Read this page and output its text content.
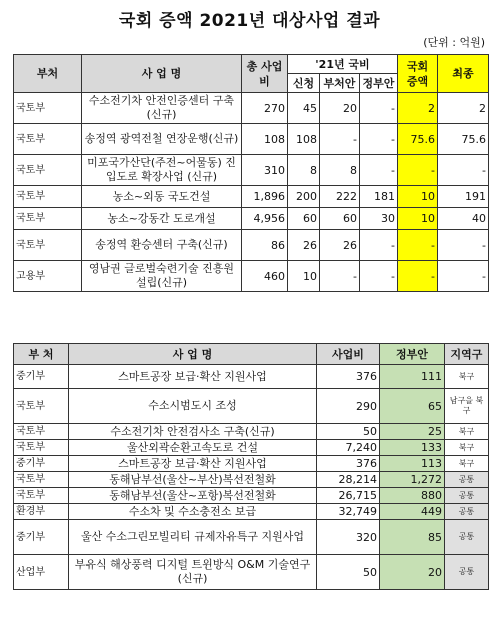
국회 증액 2021년 대상사업 결과
(단위 : 억원)
부처	사 업 명	총 사업비	'21년 국비			국회 증액	최종
			신청	부처안	정부안		
국토부	수소전기차 안전인증센터 구축(신규)	270	45	20	-	2	2
국토부	송정역 광역전철 연장운행(신규)	108	108	-	-	75.6	75.6
국토부	미포국가산단(주전~어물동) 진입도로 확장사업 (신규)	310	8	8	-	-	-
국토부	농소~외동 국도건설	1,896	200	222	181	10	191
국토부	농소~강동간 도로개설	4,956	60	60	30	10	40
국토부	송정역 환승센터 구축(신규)	86	26	26	-	-	-
고용부	영남권 글로벌숙련기술 진흥원 설립(신규)	460	10	-	-	-	-
부 처	사 업 명	사업비	정부안	지역구
중기부	스마트공장 보급·확산 지원사업	376	111	북구
국토부	수소시범도시 조성	290	65	남구을 북구
국토부	수소전기차 안전검사소 구축(신규)	50	25	북구
국토부	울산외곽순환고속도로 건설	7,240	133	북구
중기부	스마트공장 보급·확산 지원사업	376	113	북구
국토부	동해남부선(울산~부산)복선전철화	28,214	1,272	공통
국토부	동해남부선(울산~포항)복선전철화	26,715	880	공통
환경부	수소차 및 수소충전소 보급	32,749	449	공통
중기부	울산 수소그린모빌리티 규제자유특구 지원사업	320	85	공통
산업부	부유식 해상풍력 디지털 트윈방식 O&M 기술연구(신규)	50	20	공통
